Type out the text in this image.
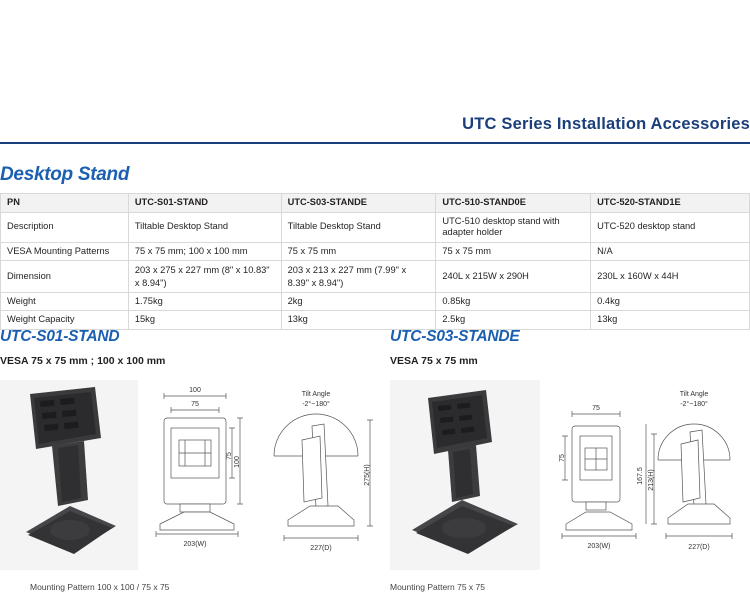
UTC Series Installation Accessories
Desktop Stand
PN	UTC-S01-STAND	UTC-S03-STANDE	UTC-510-STAND0E	UTC-520-STAND1E
Description	Tiltable Desktop Stand	Tiltable Desktop Stand	UTC-510 desktop stand with adapter holder	UTC-520 desktop stand
VESA Mounting Patterns	75 x 75 mm; 100 x 100 mm	75 x 75 mm	75 x 75 mm	N/A
Dimension	203 x 275 x 227 mm (8" x 10.83" x 8.94")	203 x 213 x 227 mm (7.99" x 8.39" x 8.94")	240L x 215W x 290H	230L x 160W x 44H
Weight	1.75kg	2kg	0.85kg	0.4kg
Weight Capacity	15kg	13kg	2.5kg	13kg
UTC-S01-STAND
VESA 75 x 75 mm ; 100 x 100 mm
UTC-S03-STANDE
VESA 75 x 75 mm
100
75
203(W)
75
100
Tilt Angle
-2°~180°
227(D)
275(H)
75
203(W)
75
Tilt Angle
-2°~180°
227(D)
213(H)
167.5
Mounting Pattern 100 x 100 / 75 x 75	Mounting Pattern 75 x 75
